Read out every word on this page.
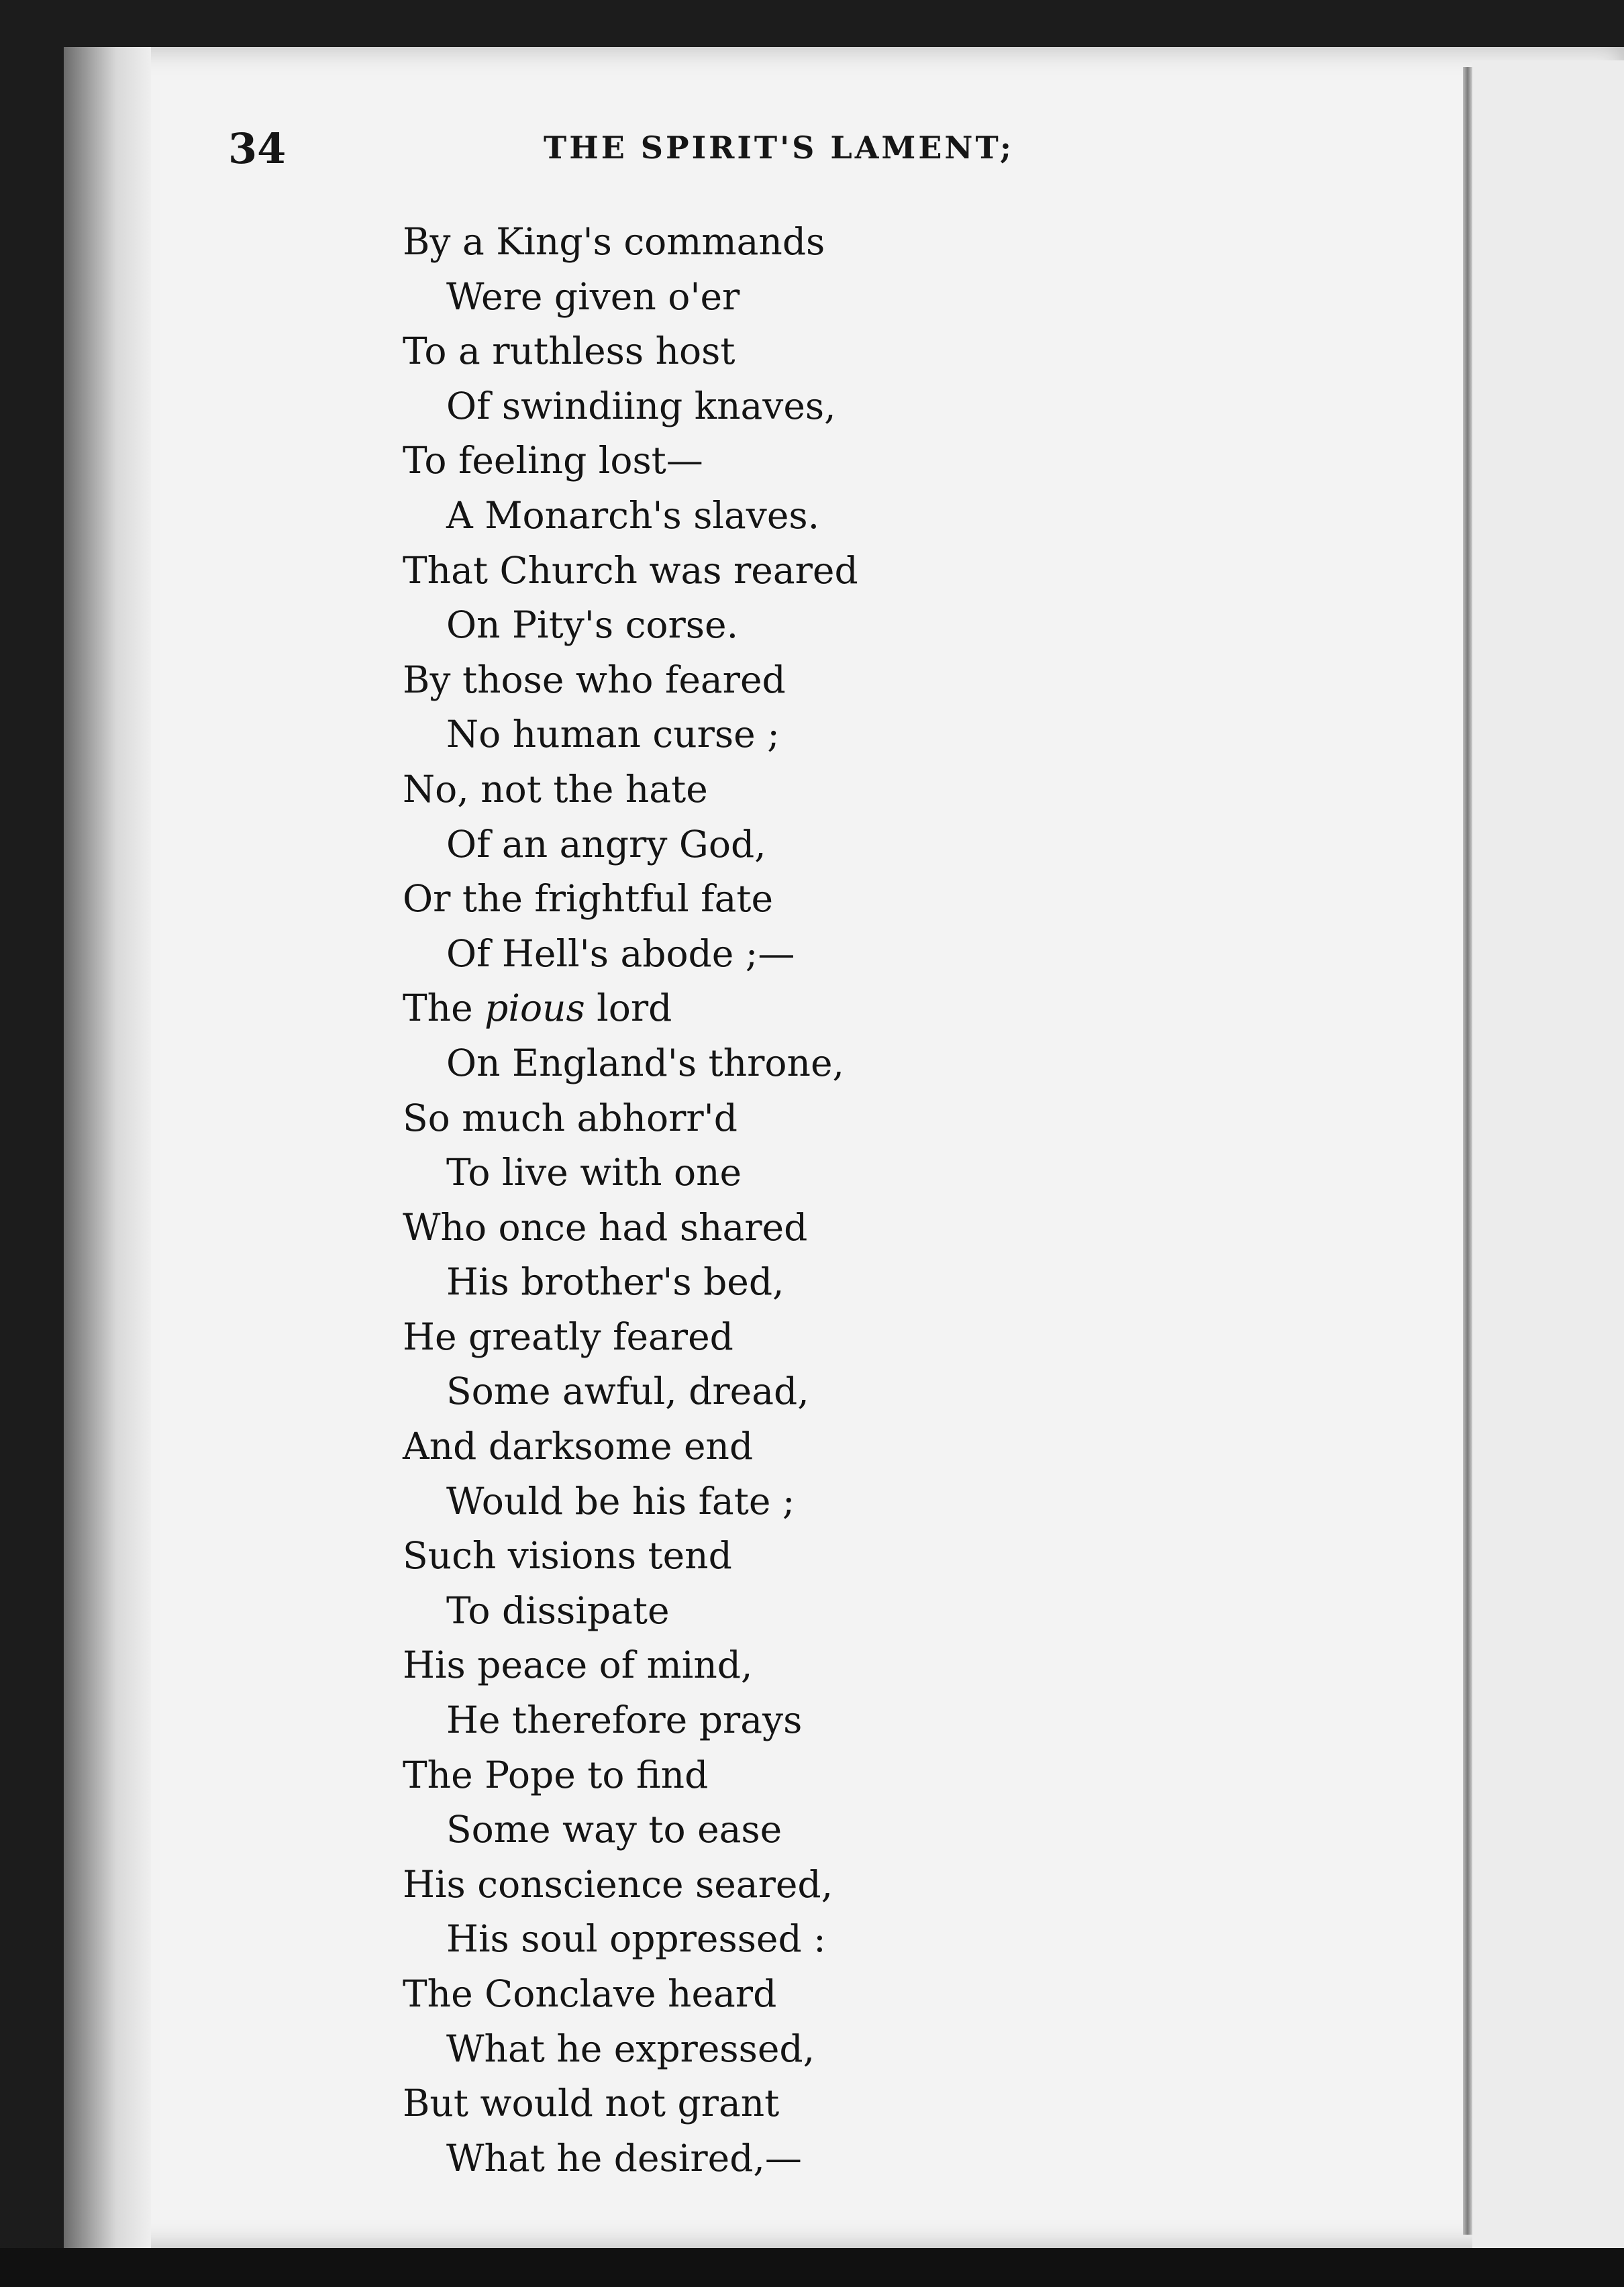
34	THE SPIRIT'S LAMENT;
By a King's commands
Were given o'er
To a ruthless host
Of swindiing knaves,
To feeling lost—
A Monarch's slaves.
That Church was reared
On Pity's corse.
By those who feared
No human curse ;
No, not the hate
Of an angry God,
Or the frightful fate
Of Hell's abode ;—
The pious lord
On England's throne,
So much abhorr'd
To live with one
Who once had shared
His brother's bed,
He greatly feared
Some awful, dread,
And darksome end
Would be his fate ;
Such visions tend
To dissipate
His peace of mind,
He therefore prays
The Pope to find
Some way to ease
His conscience seared,
His soul oppressed :
The Conclave heard
What he expressed,
But would not grant
What he desired,—
